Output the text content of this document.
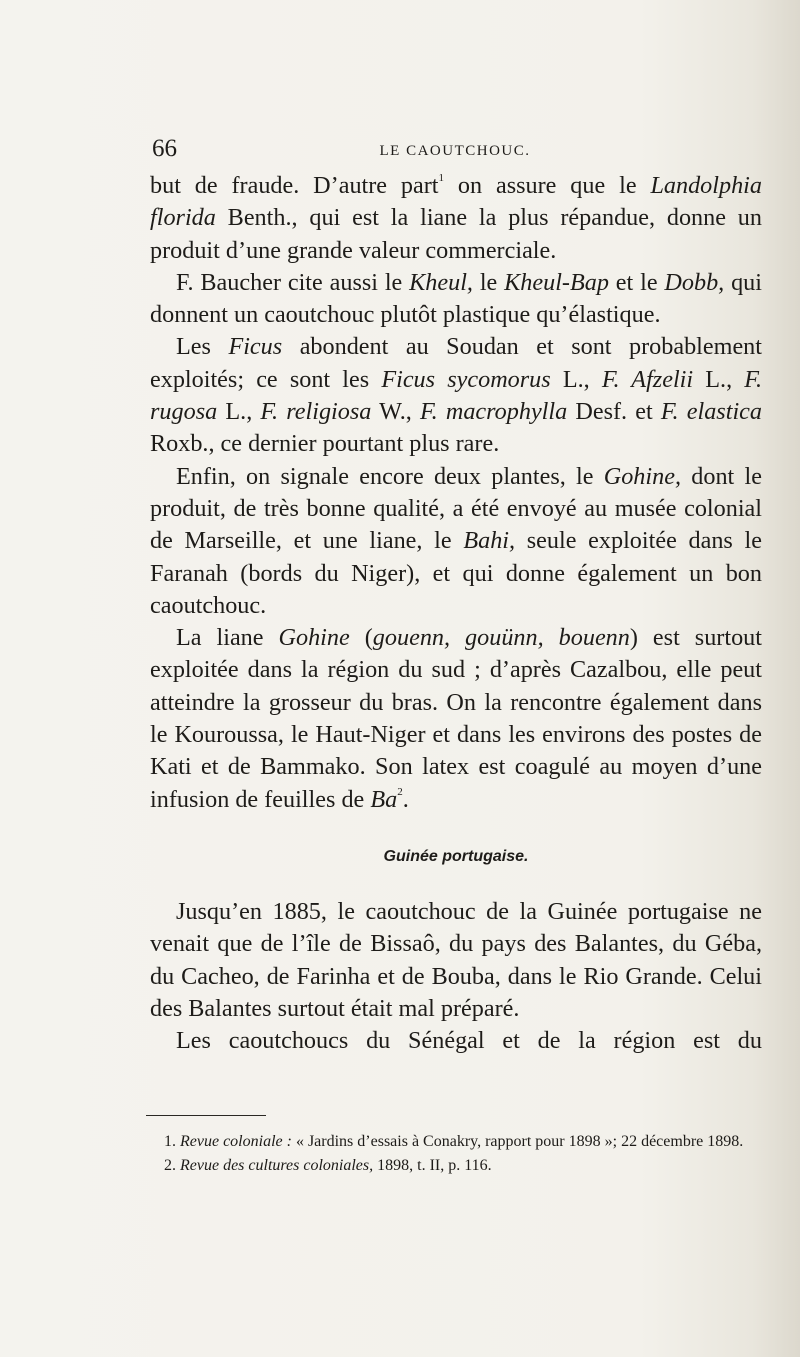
66	LE CAOUTCHOUC.

but de fraude. D’autre part$^1$ on assure que le Landolphia florida Benth., qui est la liane la plus répandue, donne un produit d’une grande valeur commerciale.

F. Baucher cite aussi le Kheul, le Kheul-Bap et le Dobb, qui donnent un caoutchouc plutôt plastique qu’élastique.

Les Ficus abondent au Soudan et sont probablement exploités; ce sont les Ficus sycomorus L., F. Afzelii L., F. rugosa L., F. religiosa W., F. macrophylla Desf. et F. elastica Roxb., ce dernier pourtant plus rare.

Enfin, on signale encore deux plantes, le Gohine, dont le produit, de très bonne qualité, a été envoyé au musée colonial de Marseille, et une liane, le Bahi, seule exploitée dans le Faranah (bords du Niger), et qui donne également un bon caoutchouc.

La liane Gohine (gouenn, gouünn, bouenn) est surtout exploitée dans la région du sud ; d’après Cazalbou, elle peut atteindre la grosseur du bras. On la rencontre également dans le Kouroussa, le Haut-Niger et dans les environs des postes de Kati et de Bammako. Son latex est coagulé au moyen d’une infusion de feuilles de Ba$^2$.

Guinée portugaise.

Jusqu’en 1885, le caoutchouc de la Guinée portugaise ne venait que de l’île de Bissaô, du pays des Balantes, du Géba, du Cacheo, de Farinha et de Bouba, dans le Rio Grande. Celui des Balantes surtout était mal préparé.

Les caoutchoucs du Sénégal et de la région est du

1. Revue coloniale : « Jardins d’essais à Conakry, rapport pour 1898 »; 22 décembre 1898.

2. Revue des cultures coloniales, 1898, t. II, p. 116.
